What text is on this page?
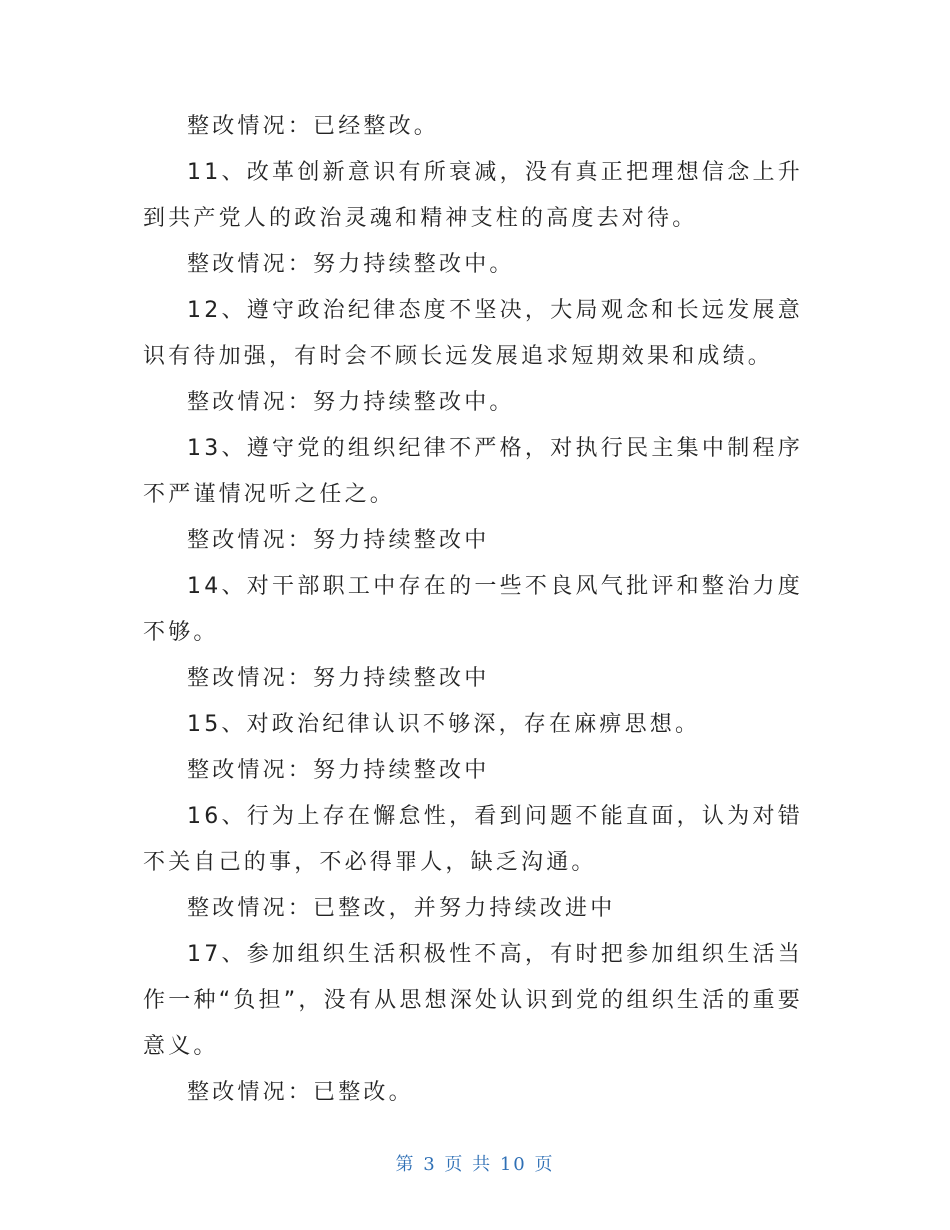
整改情况：已经整改。

11、改革创新意识有所衰减，没有真正把理想信念上升到共产党人的政治灵魂和精神支柱的高度去对待。

整改情况：努力持续整改中。

12、遵守政治纪律态度不坚决，大局观念和长远发展意识有待加强，有时会不顾长远发展追求短期效果和成绩。

整改情况：努力持续整改中。

13、遵守党的组织纪律不严格，对执行民主集中制程序不严谨情况听之任之。

整改情况：努力持续整改中

14、对干部职工中存在的一些不良风气批评和整治力度不够。

整改情况：努力持续整改中

15、对政治纪律认识不够深，存在麻痹思想。

整改情况：努力持续整改中

16、行为上存在懈怠性，看到问题不能直面，认为对错不关自己的事，不必得罪人，缺乏沟通。

整改情况：已整改，并努力持续改进中

17、参加组织生活积极性不高，有时把参加组织生活当作一种“负担”，没有从思想深处认识到党的组织生活的重要意义。

整改情况：已整改。

第 3 页 共 10 页
